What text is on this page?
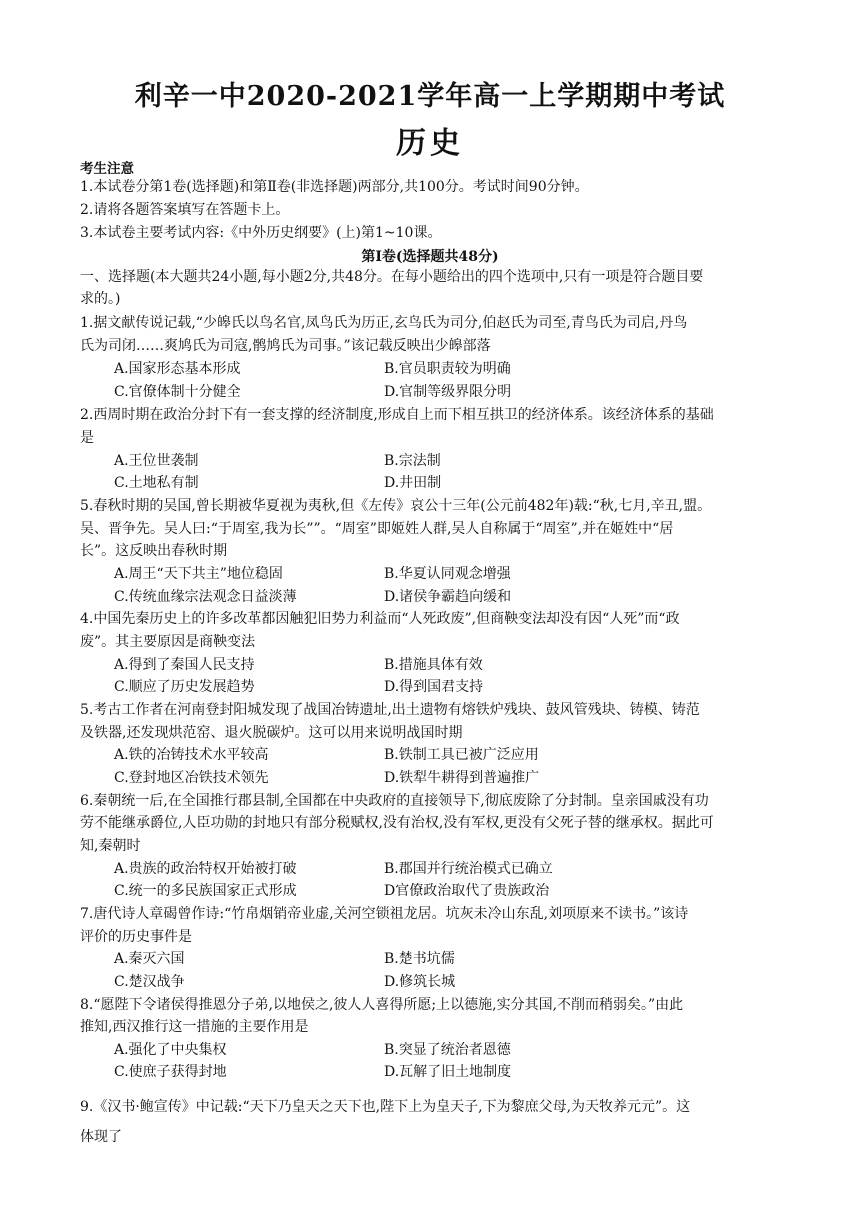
利辛一中2020-2021学年高一上学期期中考试
历史
考生注意
1.本试卷分第1卷(选择题)和第Ⅱ卷(非选择题)两部分,共100分。考试时间90分钟。
2.请将各题答案填写在答题卡上。
3.本试卷主要考试内容:《中外历史纲要》(上)第1~10课。
第Ⅰ卷(选择题共48分)
一、选择题(本大题共24小题,每小题2分,共48分。在每小题给出的四个选项中,只有一项是符合题目要
求的。)
1.据文献传说记载,“少皞氏以鸟名官,凤鸟氏为历正,玄鸟氏为司分,伯赵氏为司至,青鸟氏为司启,丹鸟
氏为司闭……爽鸠氏为司寇,鹘鸠氏为司事。”该记载反映出少皞部落
A.国家形态基本形成	B.官员职责较为明确
C.官僚体制十分健全	D.官制等级界限分明
2.西周时期在政治分封下有一套支撑的经济制度,形成自上而下相互拱卫的经济体系。该经济体系的基础
是
A.王位世袭制	B.宗法制
C.土地私有制	D.井田制
5.春秋时期的吴国,曾长期被华夏视为夷秋,但《左传》哀公十三年(公元前482年)载:“秋,七月,辛丑,盟。
吴、晋争先。吴人曰:“于周室,我为长””。“周室”即姬姓人群,吴人自称属于“周室”,并在姬姓中“居
长”。这反映出春秋时期
A.周王“天下共主”地位稳固	B.华夏认同观念增强
C.传统血缘宗法观念日益淡薄	D.诸侯争霸趋向缓和
4.中国先秦历史上的许多改革都因触犯旧势力利益而“人死政废”,但商鞅变法却没有因“人死”而“政
废”。其主要原因是商鞅变法
A.得到了秦国人民支持	B.措施具体有效
C.顺应了历史发展趋势	D.得到国君支持
5.考古工作者在河南登封阳城发现了战国冶铸遗址,出土遗物有熔铁炉残块、鼓风管残块、铸模、铸范
及铁器,还发现烘范窑、退火脱碳炉。这可以用来说明战国时期
A.铁的冶铸技术水平较高	B.铁制工具已被广泛应用
C.登封地区冶铁技术领先	D.铁犁牛耕得到普遍推广
6.秦朝统一后,在全国推行郡县制,全国都在中央政府的直接领导下,彻底废除了分封制。皇亲国戚没有功
劳不能继承爵位,人臣功勋的封地只有部分税赋权,没有治权,没有军权,更没有父死子替的继承权。据此可
知,秦朝时
A.贵族的政治特权开始被打破	B.郡国并行统治模式已确立
C.统一的多民族国家正式形成	D官僚政治取代了贵族政治
7.唐代诗人章碣曾作诗:“竹帛烟销帝业虚,关河空锁祖龙居。坑灰未冷山东乱,刘项原来不读书。”该诗
评价的历史事件是
A.秦灭六国	B.楚书坑儒
C.楚汉战争	D.修筑长城
8.“愿陛下令诸侯得推恩分子弟,以地侯之,彼人人喜得所愿;上以德施,实分其国,不削而稍弱矣。”由此
推知,西汉推行这一措施的主要作用是
A.强化了中央集权	B.突显了统治者恩德
C.使庶子获得封地	D.瓦解了旧土地制度
9.《汉书·鲍宣传》中记载:“天下乃皇天之天下也,陛下上为皇天子,下为黎庶父母,为天牧养元元”。这
体现了
